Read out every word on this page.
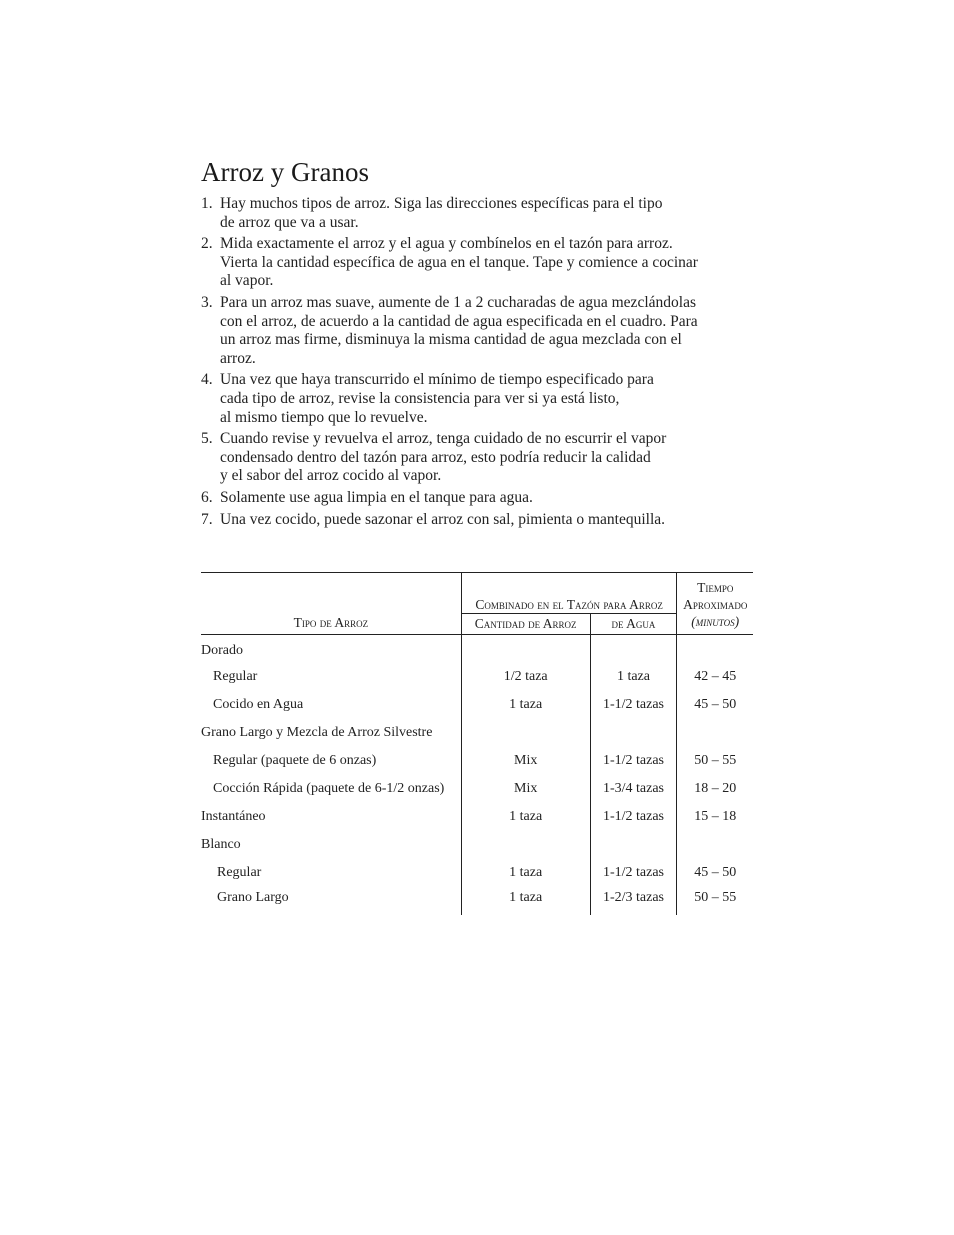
Arroz y Granos
1. Hay muchos tipos de arroz. Siga las direcciones específicas para el tipo
de arroz que va a usar.
2. Mida exactamente el arroz y el agua y combínelos en el tazón para arroz.
Vierta la cantidad específica de agua en el tanque. Tape y comience a cocinar
al vapor.
3. Para un arroz mas suave, aumente de 1 a 2 cucharadas de agua mezclándolas
con el arroz, de acuerdo a la cantidad de agua especificada en el cuadro. Para
un arroz mas firme, disminuya la misma cantidad de agua mezclada con el
arroz.
4. Una vez que haya transcurrido el mínimo de tiempo especificado para
cada tipo de arroz, revise la consistencia para ver si ya está listo,
al mismo tiempo que lo revuelve.
5. Cuando revise y revuelva el arroz, tenga cuidado de no escurrir el vapor
condensado dentro del tazón para arroz, esto podría reducir la calidad
y el sabor del arroz cocido al vapor.
6. Solamente use agua limpia en el tanque para agua.
7. Una vez cocido, puede sazonar el arroz con sal, pimienta o mantequilla.
Tipo de Arroz	Combinado en el Tazón para Arroz		Tiempo
Aproximado
(minutos)

	Cantidad de Arroz	de Agua	
Dorado			
Regular	1/2 taza	1 taza	42 – 45
Cocido en Agua	1 taza	1-1/2 tazas	45 – 50
Grano Largo y Mezcla de Arroz Silvestre			
Regular (paquete de 6 onzas)	Mix	1-1/2 tazas	50 – 55
Cocción Rápida (paquete de 6-1/2 onzas)	Mix	1-3/4 tazas	18 – 20
Instantáneo	1 taza	1-1/2 tazas	15 – 18
Blanco			
Regular	1 taza	1-1/2 tazas	45 – 50
Grano Largo	1 taza	1-2/3 tazas	50 – 55
